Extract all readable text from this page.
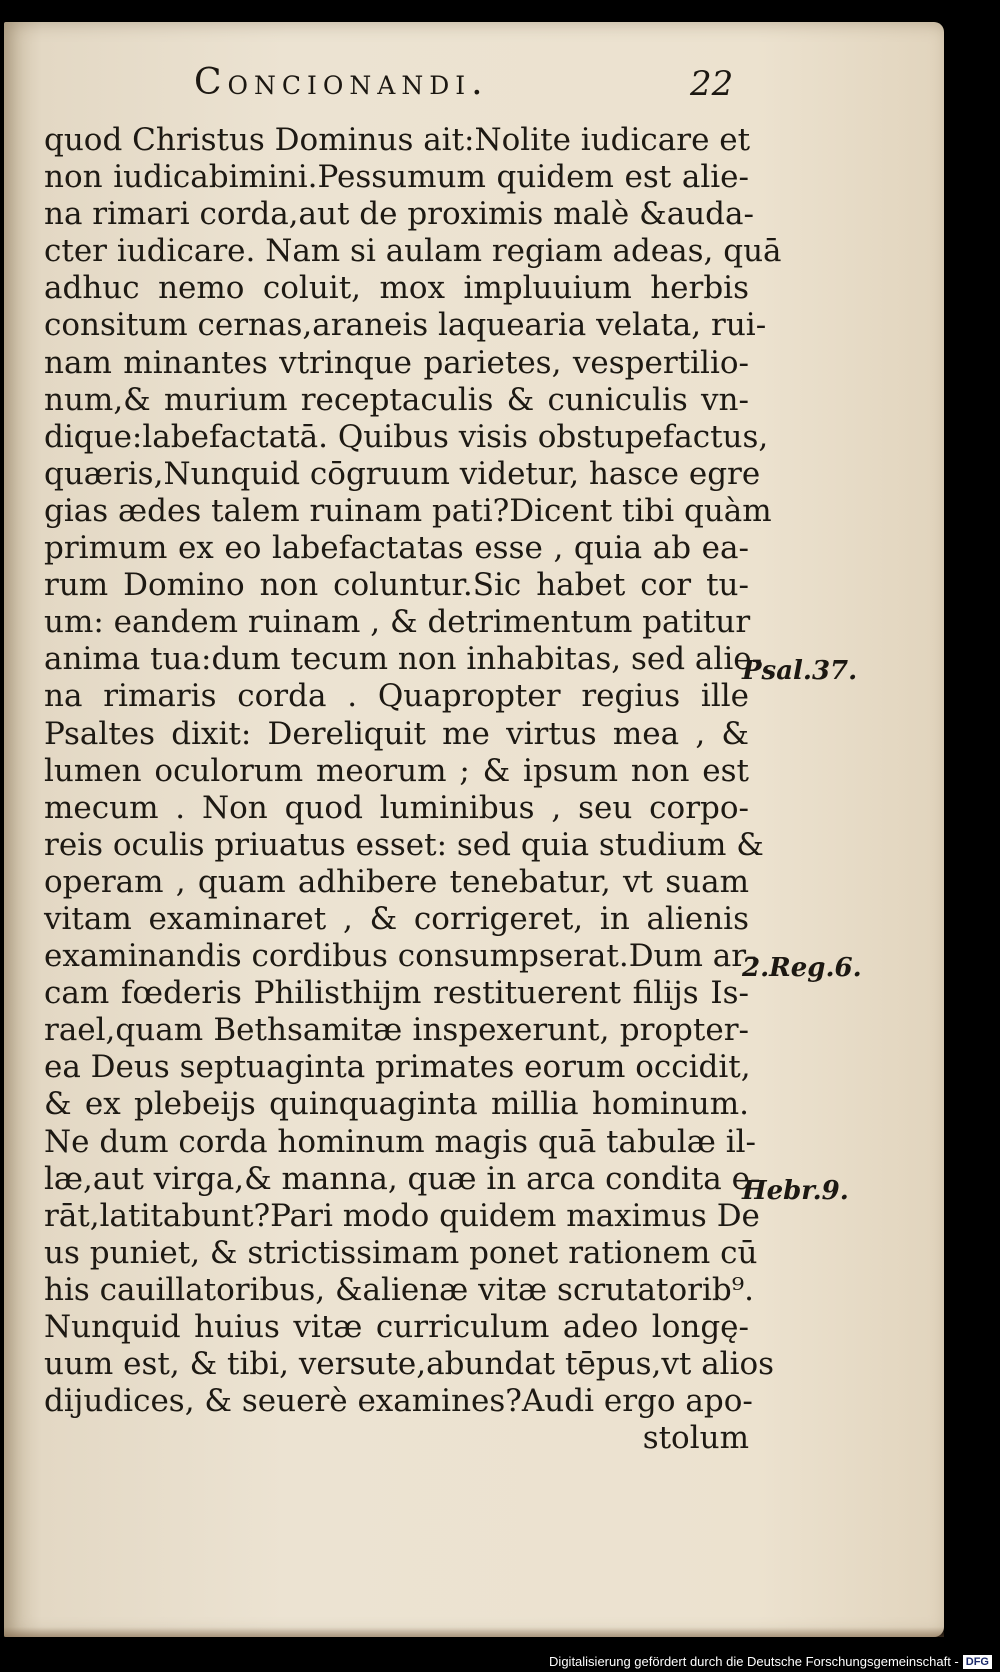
Concionandi.	22
quod Christus Dominus ait:Nolite iudicare et
non iudicabimini.Pessumum quidem est alie-
na rimari corda,aut de proximis malè &auda-
cter iudicare. Nam si aulam regiam adeas, quā
adhuc nemo coluit, mox impluuium herbis
consitum cernas,araneis laquearia velata, rui-
nam minantes vtrinque parietes, vespertilio-
num,& murium receptaculis & cuniculis vn-
dique:labefactatā. Quibus visis obstupefactus,
quæris,Nunquid cōgruum videtur, hasce egre
gias ædes talem ruinam pati?Dicent tibi quàm
primum ex eo labefactatas esse , quia ab ea-
rum Domino non coluntur.Sic habet cor tu-
um: eandem ruinam , & detrimentum patitur
anima tua:dum tecum non inhabitas, sed alie-
na rimaris corda . Quapropter regius ille
Psaltes dixit: Dereliquit me virtus mea , &
lumen oculorum meorum ; & ipsum non est
mecum . Non quod luminibus , seu corpo-
reis oculis priuatus esset: sed quia studium &
operam , quam adhibere tenebatur, vt suam
vitam examinaret , & corrigeret, in alienis
examinandis cordibus consumpserat.Dum ar-
cam fœderis Philisthijm restituerent filijs Is-
rael,quam Bethsamitæ inspexerunt, propter-
ea Deus septuaginta primates eorum occidit,
& ex plebeijs quinquaginta millia hominum.
Ne dum corda hominum magis quā tabulæ il-
læ,aut virga,& manna, quæ in arca condita e-
rāt,latitabunt?Pari modo quidem maximus De
us puniet, & strictissimam ponet rationem cū
his cauillatoribus, &alienæ vitæ scrutatorib⁹.
Nunquid huius vitæ curriculum adeo longę-
uum est, & tibi, versute,abundat tēpus,vt alios
dijudices, & seuerè examines?Audi ergo apo-
stolum
Psal.37.
2.Reg.6.
Hebr.9.
Digitalisierung gefördert durch die Deutsche Forschungsgemeinschaft - DFG
